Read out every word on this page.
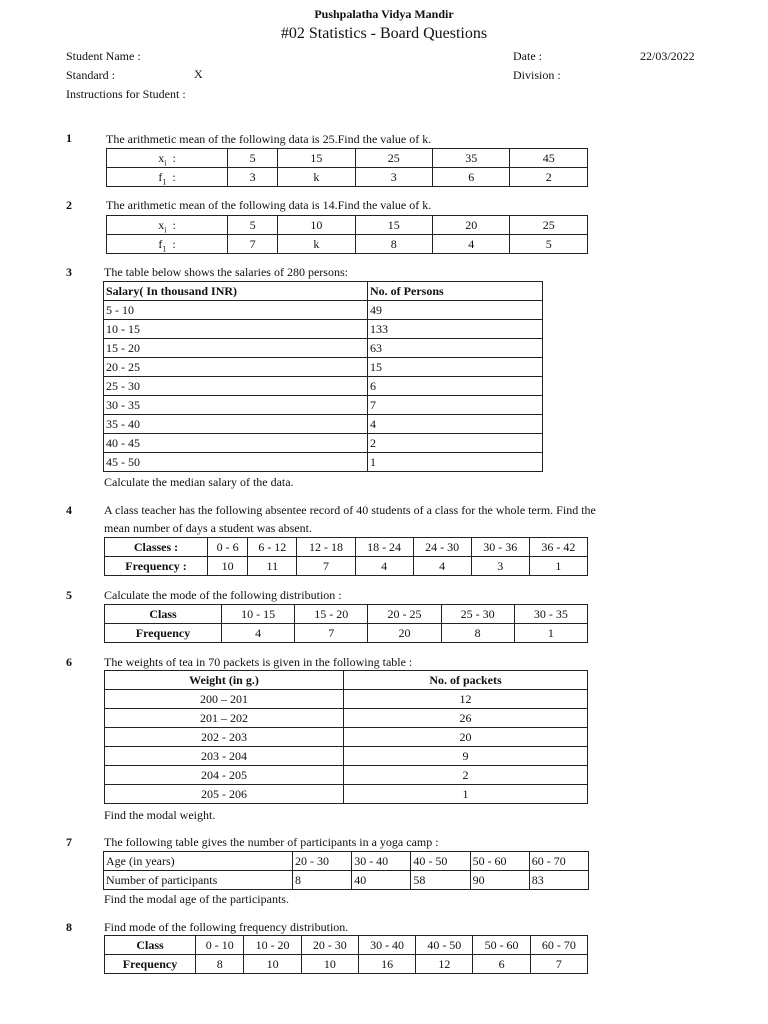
Pushpalatha Vidya Mandir
#02 Statistics - Board Questions
Student Name :	Date :	22/03/2022
Standard :	X	Division :
Instructions for Student :
1	The arithmetic mean of the following data is 25.Find the value of k.
$x_i$ :	5	15	25	35	45
$f_1$ :	3	k	3	6	2
2	The arithmetic mean of the following data is 14.Find the value of k.
$x_i$ :	5	10	15	20	25
$f_1$ :	7	k	8	4	5
3	The table below shows the salaries of 280 persons:
Salary( In thousand INR)	No. of Persons
5 - 10	49
10 - 15	133
15 - 20	63
20 - 25	15
25 - 30	6
30 - 35	7
35 - 40	4
40 - 45	2
45 - 50	1
Calculate the median salary of the data.
4	A class teacher has the following absentee record of 40 students of a class for the whole term. Find the
mean number of days a student was absent.
Classes :	0 - 6	6 - 12	12 - 18	18 - 24	24 - 30	30 - 36	36 - 42
Frequency :	10	11	7	4	4	3	1
5	Calculate the mode of the following distribution :
Class	10 - 15	15 - 20	20 - 25	25 - 30	30 - 35
Frequency	4	7	20	8	1
6	The weights of tea in 70 packets is given in the following table :
Weight (in g.)	No. of packets
200 – 201	12
201 – 202	26
202 - 203	20
203 - 204	9
204 - 205	2
205 - 206	1
Find the modal weight.
7	The following table gives the number of participants in a yoga camp :
Age (in years)	20 - 30	30 - 40	40 - 50	50 - 60	60 - 70
Number of participants	8	40	58	90	83
Find the modal age of the participants.
8	Find mode of the following frequency distribution.
Class	0 - 10	10 - 20	20 - 30	30 - 40	40 - 50	50 - 60	60 - 70
Frequency	8	10	10	16	12	6	7
